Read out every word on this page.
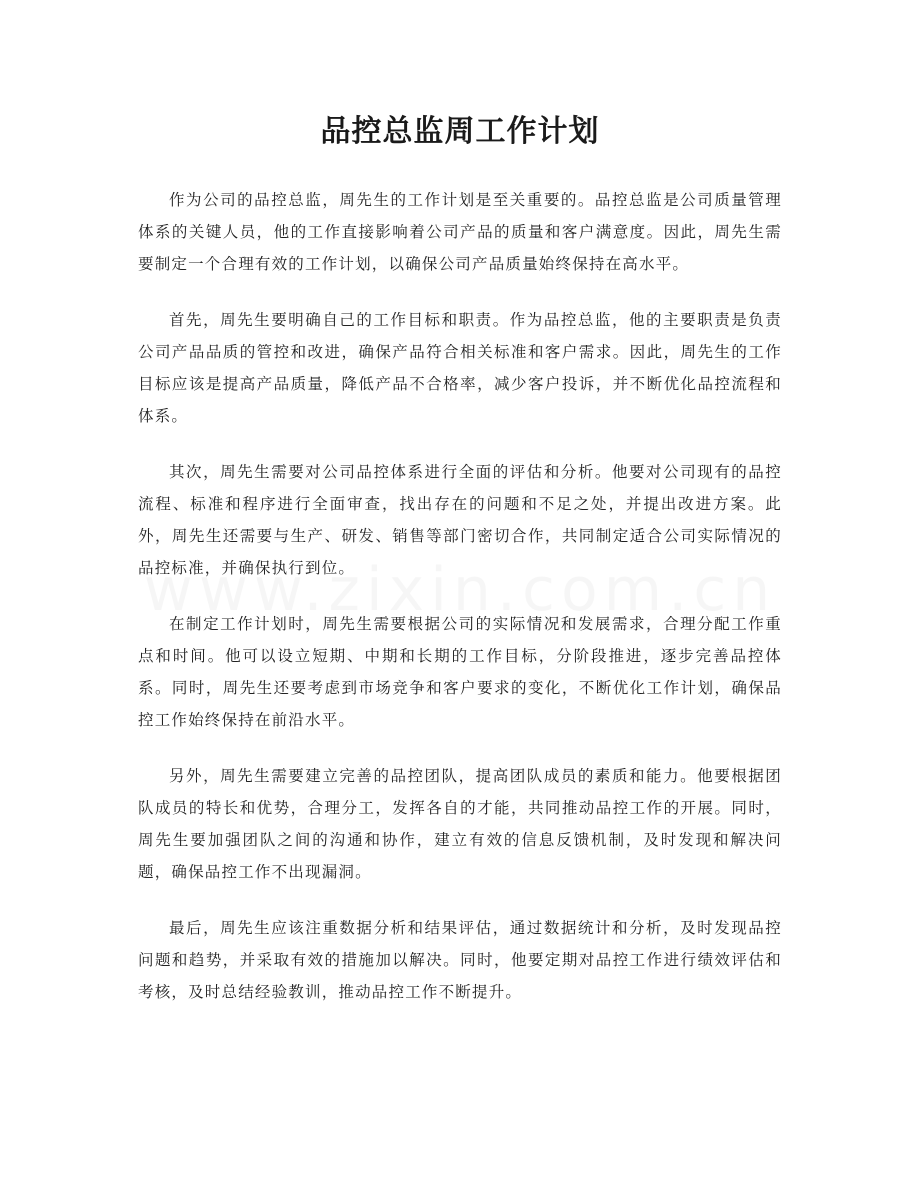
品控总监周工作计划

作为公司的品控总监，周先生的工作计划是至关重要的。品控总监是公司质量管理体系的关键人员，他的工作直接影响着公司产品的质量和客户满意度。因此，周先生需要制定一个合理有效的工作计划，以确保公司产品质量始终保持在高水平。

首先，周先生要明确自己的工作目标和职责。作为品控总监，他的主要职责是负责公司产品品质的管控和改进，确保产品符合相关标准和客户需求。因此，周先生的工作目标应该是提高产品质量，降低产品不合格率，减少客户投诉，并不断优化品控流程和体系。

其次，周先生需要对公司品控体系进行全面的评估和分析。他要对公司现有的品控流程、标准和程序进行全面审查，找出存在的问题和不足之处，并提出改进方案。此外，周先生还需要与生产、研发、销售等部门密切合作，共同制定适合公司实际情况的品控标准，并确保执行到位。

在制定工作计划时，周先生需要根据公司的实际情况和发展需求，合理分配工作重点和时间。他可以设立短期、中期和长期的工作目标，分阶段推进，逐步完善品控体系。同时，周先生还要考虑到市场竞争和客户要求的变化，不断优化工作计划，确保品控工作始终保持在前沿水平。

另外，周先生需要建立完善的品控团队，提高团队成员的素质和能力。他要根据团队成员的特长和优势，合理分工，发挥各自的才能，共同推动品控工作的开展。同时，周先生要加强团队之间的沟通和协作，建立有效的信息反馈机制，及时发现和解决问题，确保品控工作不出现漏洞。

最后，周先生应该注重数据分析和结果评估，通过数据统计和分析，及时发现品控问题和趋势，并采取有效的措施加以解决。同时，他要定期对品控工作进行绩效评估和考核，及时总结经验教训，推动品控工作不断提升。
